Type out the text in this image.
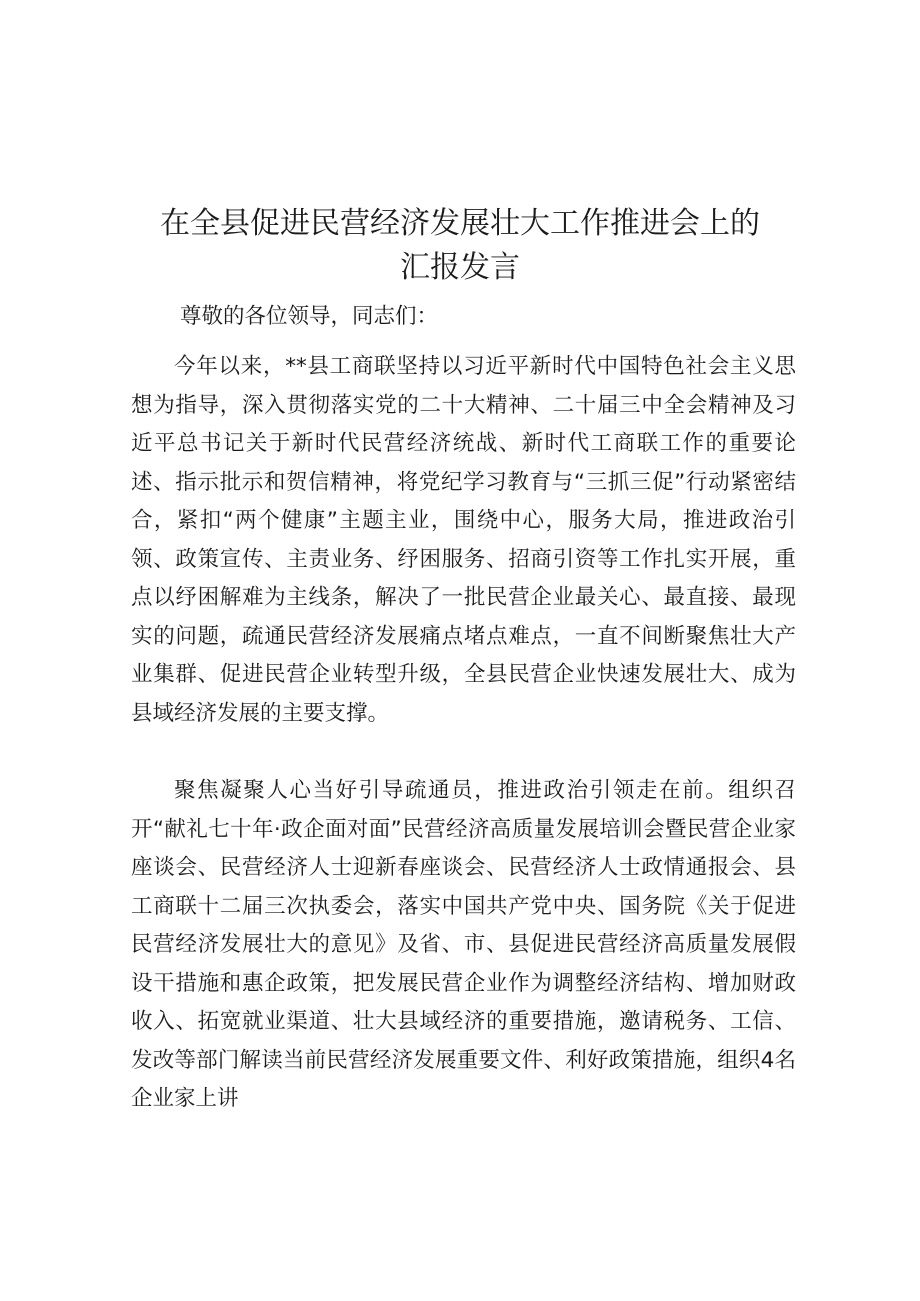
在全县促进民营经济发展壮大工作推进会上的
汇报发言
尊敬的各位领导，同志们：

今年以来，**县工商联坚持以习近平新时代中国特色社会主义思想为指导，深入贯彻落实党的二十大精神、二十届三中全会精神及习近平总书记关于新时代民营经济统战、新时代工商联工作的重要论述、指示批示和贺信精神，将党纪学习教育与“三抓三促”行动紧密结合，紧扣“两个健康”主题主业，围绕中心，服务大局，推进政治引领、政策宣传、主责业务、纾困服务、招商引资等工作扎实开展，重点以纾困解难为主线条，解决了一批民营企业最关心、最直接、最现实的问题，疏通民营经济发展痛点堵点难点，一直不间断聚焦壮大产业集群、促进民营企业转型升级，全县民营企业快速发展壮大、成为县域经济发展的主要支撑。

聚焦凝聚人心当好引导疏通员，推进政治引领走在前。组织召开“献礼七十年·政企面对面”民营经济高质量发展培训会暨民营企业家座谈会、民营经济人士迎新春座谈会、民营经济人士政情通报会、县工商联十二届三次执委会，落实中国共产党中央、国务院《关于促进民营经济发展壮大的意见》及省、市、县促进民营经济高质量发展假设干措施和惠企政策，把发展民营企业作为调整经济结构、增加财政收入、拓宽就业渠道、壮大县域经济的重要措施，邀请税务、工信、发改等部门解读当前民营经济发展重要文件、利好政策措施，组织4名企业家上讲
